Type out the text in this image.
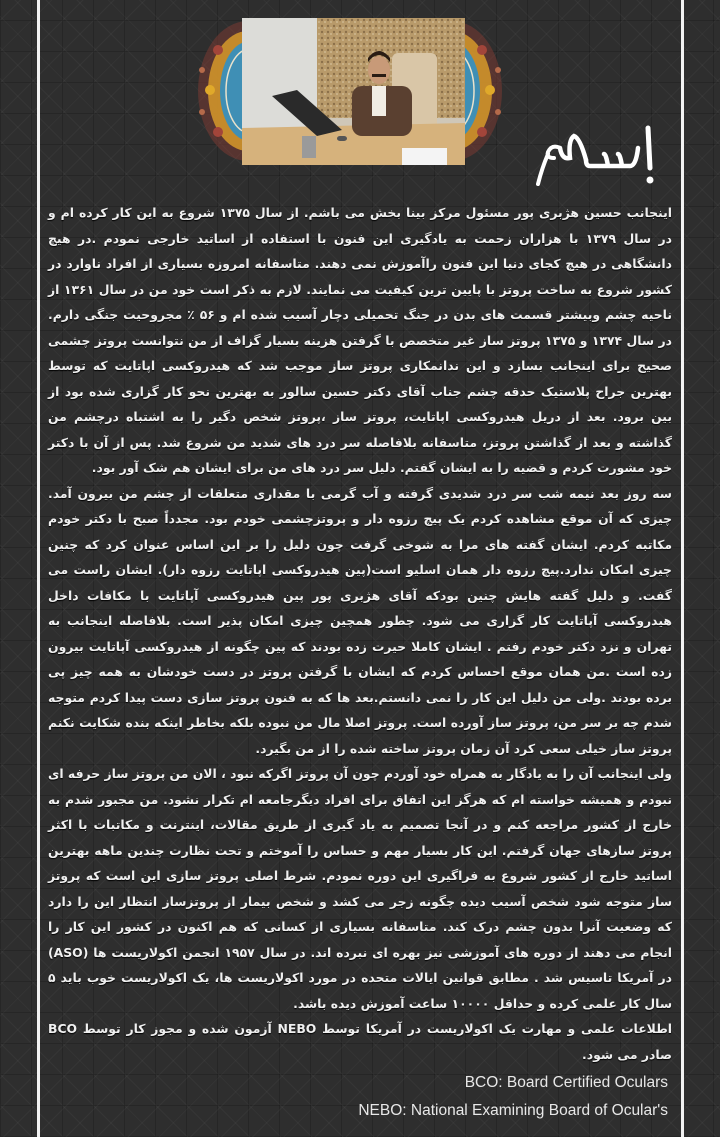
اینجانب حسین هژبری پور مسئول مرکز بینا بخش می باشم. از سال ۱۳۷۵ شروع به این کار کرده ام و در سال ۱۳۷۹ با هزاران زحمت به یادگیری این فنون با استفاده از اساتید خارجی نمودم .در هیچ دانشگاهی در هیچ کجای دنیا این فنون راآموزش نمی دهند. متاسفانه امروزه بسیاری از افراد ناوارد در کشور شروع به ساخت پروتز با پایین ترین کیفیت می نمایند. لازم به ذکر است خود من در سال ۱۳۶۱ از ناحیه چشم وبیشتر قسمت های بدن در جنگ تحمیلی دچار آسیب شده ام و ۵۶ ٪ مجروحیت جنگی دارم. در سال ۱۳۷۴ و ۱۳۷۵ پروتز ساز غیر متخصص با گرفتن هزینه بسیار گزاف از من نتوانست پروتز چشمی صحیح برای اینجانب بسازد و این ندانمکاری پروتز ساز موجب شد که هیدروکسی اپاتایت که توسط بهترین جراح پلاستیک حدقه چشم جناب آقای دکتر حسین سالور به بهترین نحو کار گزاری شده بود از بین برود. بعد از دریل هیدروکسی اپاتایت، پروتز ساز ،پروتز شخص دگیر را به اشتباه درچشم من گذاشته و بعد از گذاشتن پروتز، متاسفانه بلافاصله سر درد های شدید من شروع شد. پس از آن با دکتر خود مشورت کردم و قضیه را به ایشان گفتم. دلیل سر درد های من برای ایشان هم شک آور بود.

سه روز بعد نیمه شب سر درد شدیدی گرفته و آب گرمی با مقداری متعلقات از چشم من بیرون آمد. چیزی که آن موقع مشاهده کردم یک پیچ رزوه دار و پروتزچشمی خودم بود. مجدداً صبح با دکتر خودم مکاتبه کردم. ایشان گفته های مرا به شوخی گرفت چون دلیل را بر این اساس عنوان کرد که چنین چیزی امکان ندارد.پیچ رزوه دار همان اسلیو است(پین هیدروکسی اپاتایت رزوه دار). ایشان راست می گفت. و دلیل گفته هایش چنین بودکه آقای هژبری پور پین هیدروکسی آپاتایت با مکافات داخل هیدروکسی آپاتایت کار گزاری می شود. چطور همچین چیزی امکان پذیر است. بلافاصله اینجانب به تهران و نزد دکتر خودم رفتم . ایشان کاملا حیرت زده بودند که پین چگونه از هیدروکسی آپاتایت بیرون زده است .من همان موقع احساس کردم که ایشان با گرفتن پروتز در دست خودشان به همه چیز پی برده بودند .ولی من دلیل این کار را نمی دانستم.بعد ها که به فنون پروتز سازی دست پیدا کردم متوجه شدم چه بر سر من، پروتز ساز آورده است. پروتز اصلا مال من نبوده بلکه بخاطر اینکه بنده شکایت نکنم پروتز ساز خیلی سعی کرد آن زمان پروتز ساخته شده را از من بگیرد.

ولی اینجانب آن را به یادگار به همراه خود آوردم چون آن پروتز اگرکه نبود ، الان من پروتز ساز حرفه ای نبودم و همیشه خواسته ام که هرگز این اتفاق برای افراد دیگرجامعه ام تکرار نشود. من مجبور شدم به خارج از کشور مراجعه کنم و در آنجا تصمیم به یاد گیری از طریق مقالات، اینترنت و مکاتبات با اکثر پروتز سازهای جهان گرفتم. این کار بسیار مهم و حساس را آموختم و تحت نظارت چندین ماهه بهترین اساتید خارج از کشور شروع به فراگیری این دوره نمودم. شرط اصلی پروتز سازی این است که پروتز ساز متوجه شود شخص آسیب دیده چگونه زجر می کشد و شخص بیمار از پروتزساز انتظار این را دارد که وضعیت آنرا بدون چشم درک کند. متاسفانه بسیاری از کسانی که هم اکنون در کشور این کار را انجام می دهند از دوره های آموزشی نیز بهره ای نبرده اند. در سال ۱۹۵۷ انجمن اکولاریست ها (ASO) در آمریکا تاسیس شد . مطابق قوانین ایالات متحده در مورد اکولاریست ها، یک اکولاریست خوب باید ۵ سال کار علمی کرده و حداقل ۱۰۰۰۰ ساعت آموزش دیده باشد.

اطلاعات علمی و مهارت یک اکولاریست در آمریکا توسط NEBO آزمون شده و مجوز کار توسط BCO صادر می شود.

BCO: Board Certified Oculars
NEBO: National Examining Board of Ocular's
